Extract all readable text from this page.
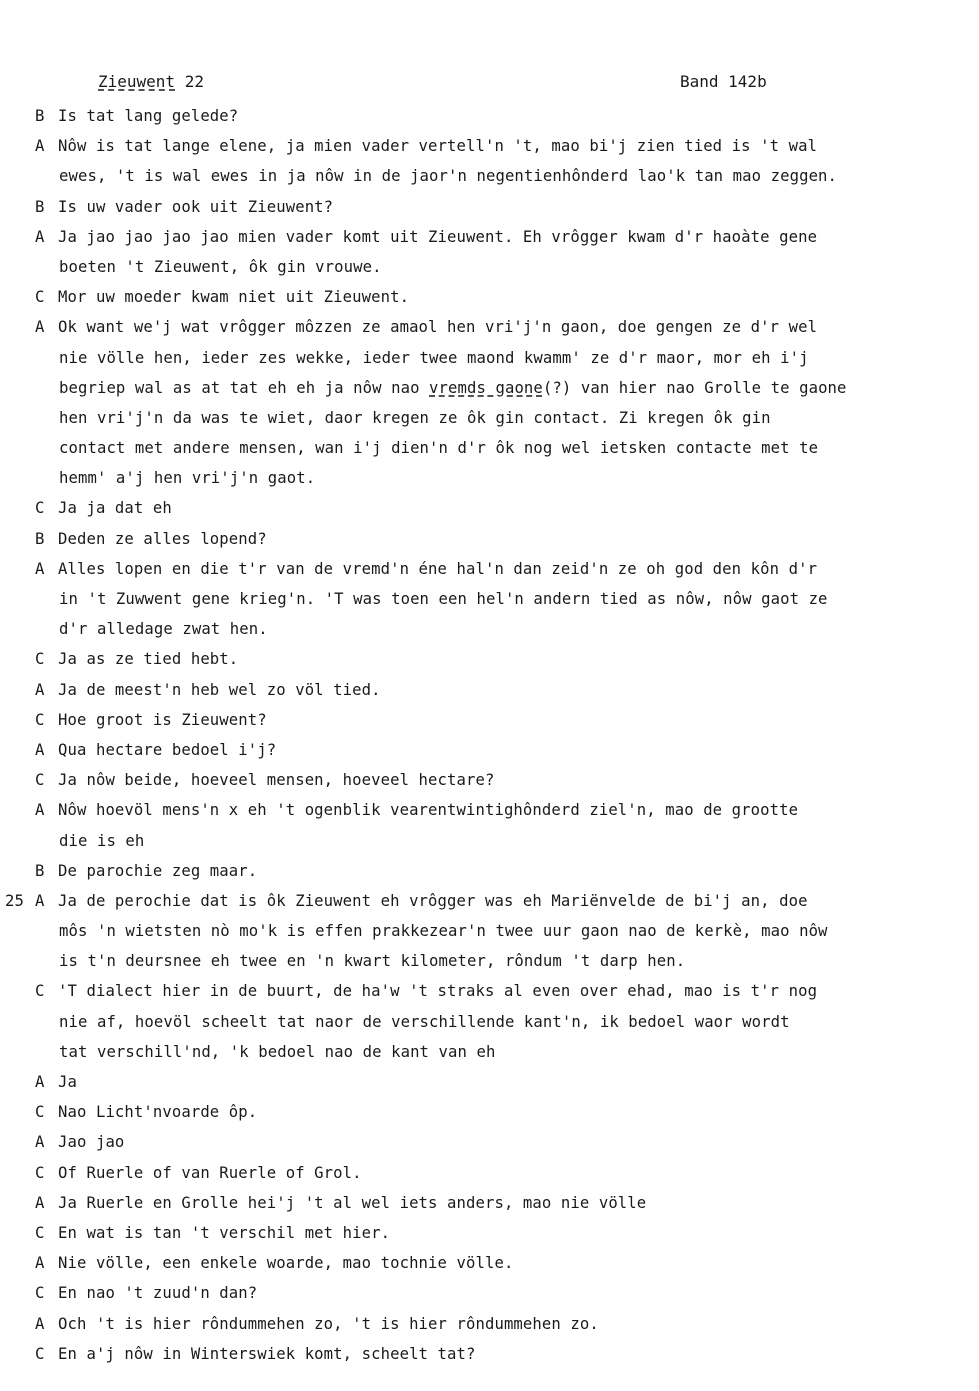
Zieuwent 22	Band 142b
B Is tat lang gelede?
A Nôw is tat lange elene, ja mien vader vertell'n 't, mao bi'j zien tied is 't wal
ewes, 't is wal ewes in ja nôw in de jaor'n negentienhônderd lao'k tan mao zeggen.
B Is uw vader ook uit Zieuwent?
A Ja jao jao jao jao mien vader komt uit Zieuwent. Eh vrôgger kwam d'r haoàte gene
boeten 't Zieuwent, ôk gin vrouwe.
C Mor uw moeder kwam niet uit Zieuwent.
A Ok want we'j wat vrôgger môzzen ze amaol hen vri'j'n gaon, doe gengen ze d'r wel
nie völle hen, ieder zes wekke, ieder twee maond kwamm' ze d'r maor, mor eh i'j
begriep wal as at tat eh eh ja nôw nao vremds gaone(?) van hier nao Grolle te gaone
hen vri'j'n da was te wiet, daor kregen ze ôk gin contact. Zi kregen ôk gin
contact met andere mensen, wan i'j dien'n d'r ôk nog wel ietsken contacte met te
hemm' a'j hen vri'j'n gaot.
C Ja ja dat eh
B Deden ze alles lopend?
A Alles lopen en die t'r van de vremd'n éne hal'n dan zeid'n ze oh god den kôn d'r
in 't Zuwwent gene krieg'n. 'T was toen een hel'n andern tied as nôw, nôw gaot ze
d'r alledage zwat hen.
C Ja as ze tied hebt.
A Ja de meest'n heb wel zo völ tied.
C Hoe groot is Zieuwent?
A Qua hectare bedoel i'j?
C Ja nôw beide, hoeveel mensen, hoeveel hectare?
A Nôw hoevöl mens'n x eh 't ogenblik vearentwintighônderd ziel'n, mao de grootte
die is eh
B De parochie zeg maar.
25 A Ja de perochie dat is ôk Zieuwent eh vrôgger was eh Mariënvelde de bi'j an, doe
môs 'n wietsten nò mo'k is effen prakkezear'n twee uur gaon nao de kerkè, mao nôw
is t'n deursnee eh twee en 'n kwart kilometer, rôndum 't darp hen.
C 'T dialect hier in de buurt, de ha'w 't straks al even over ehad, mao is t'r nog
nie af, hoevöl scheelt tat naor de verschillende kant'n, ik bedoel waor wordt
tat verschill'nd, 'k bedoel nao de kant van eh
A Ja
C Nao Licht'nvoarde ôp.
A Jao jao
C Of Ruerle of van Ruerle of Grol.
A Ja Ruerle en Grolle hei'j 't al wel iets anders, mao nie völle
C En wat is tan 't verschil met hier.
A Nie völle, een enkele woarde, mao tochnie völle.
C En nao 't zuud'n dan?
A Och 't is hier rôndummehen zo, 't is hier rôndummehen zo.
C En a'j nôw in Winterswiek komt, scheelt tat?
